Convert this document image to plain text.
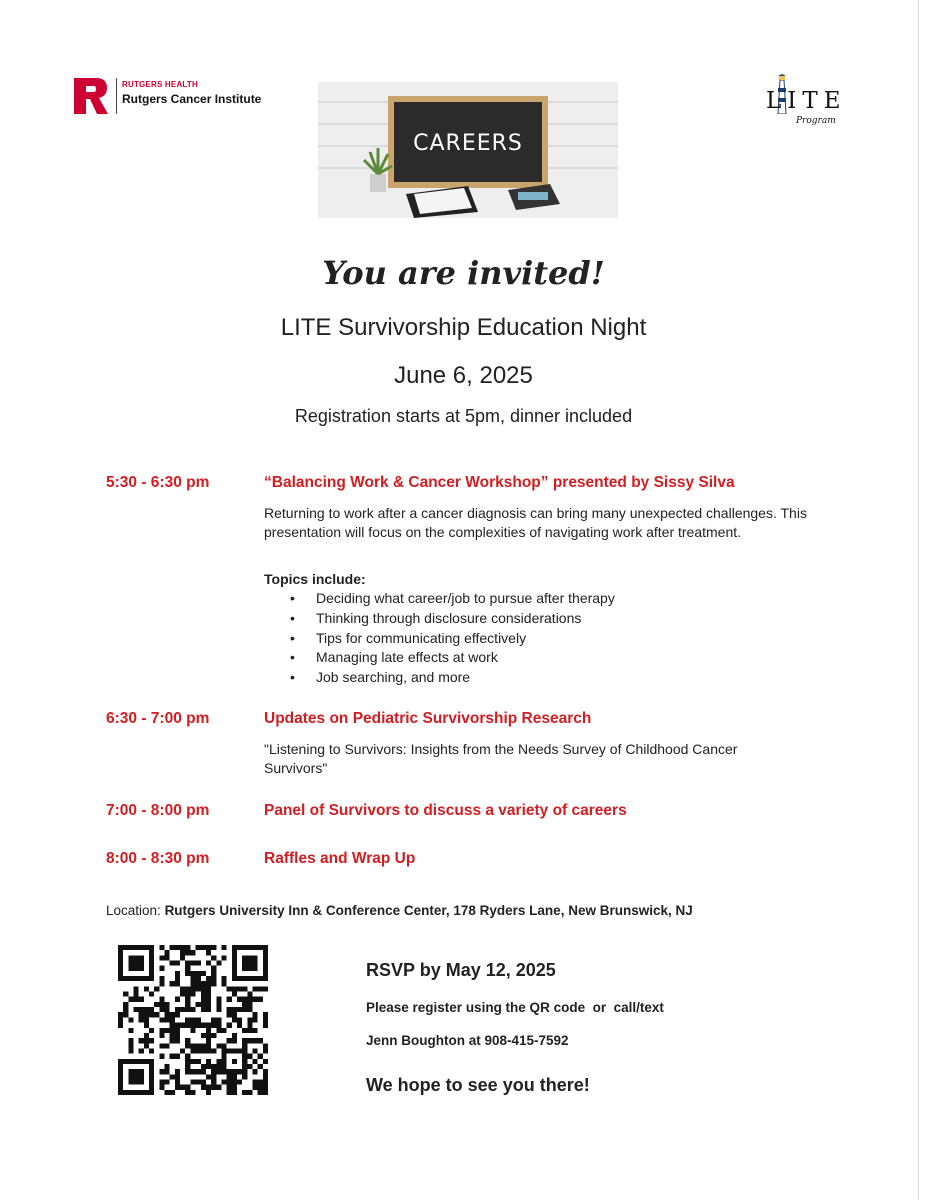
RUTGERS HEALTH
Rutgers Cancer Institute
CAREERS
LITE
Program
You are invited!
LITE Survivorship Education Night
June 6, 2025
Registration starts at 5pm, dinner included
5:30 - 6:30 pm	“Balancing Work & Cancer Workshop” presented by Sissy Silva
Returning to work after a cancer diagnosis can bring many unexpected challenges. This presentation will focus on the complexities of navigating work after treatment.
Topics include:
• Deciding what career/job to pursue after therapy
• Thinking through disclosure considerations
• Tips for communicating effectively
• Managing late effects at work
• Job searching, and more
6:30 - 7:00 pm	Updates on Pediatric Survivorship Research
"Listening to Survivors: Insights from the Needs Survey of Childhood Cancer Survivors"
7:00 - 8:00 pm	Panel of Survivors to discuss a variety of careers
8:00 - 8:30 pm	Raffles and Wrap Up
Location: Rutgers University Inn & Conference Center, 178 Ryders Lane, New Brunswick, NJ
RSVP by May 12, 2025
Please register using the QR code  or  call/text
Jenn Boughton at 908-415-7592
We hope to see you there!
